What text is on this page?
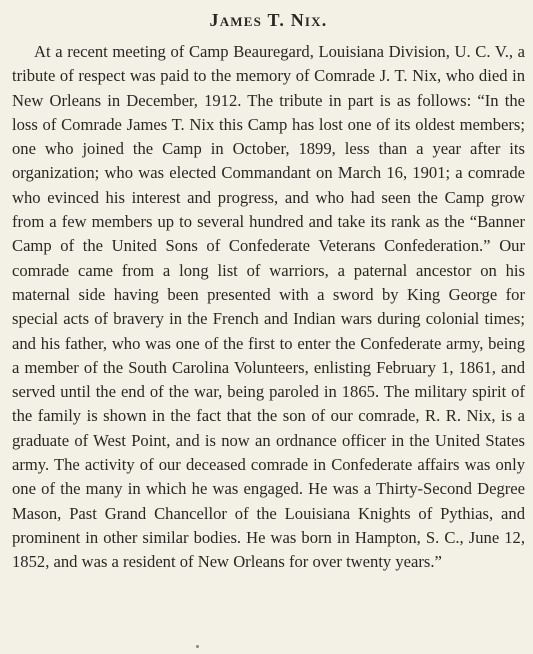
James T. Nix.

At a recent meeting of Camp Beauregard, Louisiana Division, U. C. V., a tribute of respect was paid to the memory of Comrade J. T. Nix, who died in New Orleans in December, 1912. The tribute in part is as follows: “In the loss of Comrade James T. Nix this Camp has lost one of its oldest members; one who joined the Camp in October, 1899, less than a year after its organization; who was elected Commandant on March 16, 1901; a comrade who evinced his interest and progress, and who had seen the Camp grow from a few members up to several hundred and take its rank as the “Banner Camp of the United Sons of Confederate Veterans Confederation.” Our comrade came from a long list of warriors, a paternal ancestor on his maternal side having been presented with a sword by King George for special acts of bravery in the French and Indian wars during colonial times; and his father, who was one of the first to enter the Confederate army, being a member of the South Carolina Volunteers, enlisting February 1, 1861, and served until the end of the war, being paroled in 1865. The military spirit of the family is shown in the fact that the son of our comrade, R. R. Nix, is a graduate of West Point, and is now an ordnance officer in the United States army. The activity of our deceased comrade in Confederate affairs was only one of the many in which he was engaged. He was a Thirty-Second Degree Mason, Past Grand Chancellor of the Louisiana Knights of Pythias, and prominent in other similar bodies. He was born in Hampton, S. C., June 12, 1852, and was a resident of New Orleans for over twenty years.”
